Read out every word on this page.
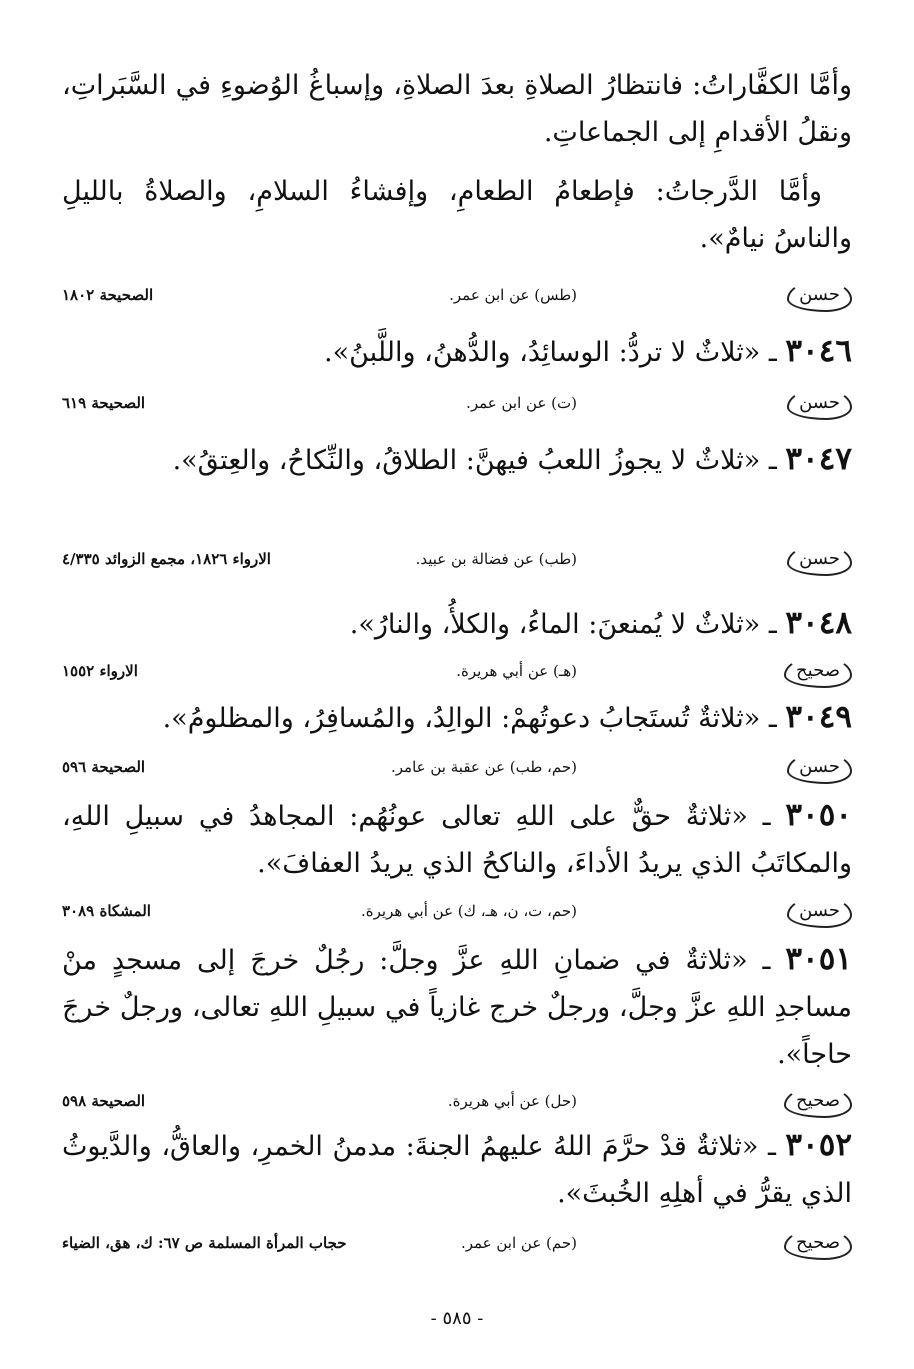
وأمَّا الكفَّاراتُ: فانتظارُ الصلاةِ بعدَ الصلاةِ، وإسباغُ الوُضوءِ في السَّبَراتِ، ونقلُ الأقدامِ إلى الجماعاتِ.
وأمَّا الدَّرجاتُ: فإطعامُ الطعامِ، وإفشاءُ السلامِ، والصلاةُ بالليلِ والناسُ نيامٌ».
حسن
(طس) عن ابن عمر.
الصحيحة ١٨٠٢
٣٠٤٦ ـ «ثلاثٌ لا تردُّ: الوسائِدُ، والدُّهنُ، واللَّبنُ».
حسن
(ت) عن ابن عمر.
الصحيحة ٦١٩
٣٠٤٧ ـ «ثلاثٌ لا يجوزُ اللعبُ فيهنَّ: الطلاقُ، والنِّكاحُ، والعِتقُ».
حسن
(طب) عن فضالة بن عبيد.
الارواء ١٨٢٦، مجمع الزوائد ٤/٣٣٥
٣٠٤٨ ـ «ثلاثٌ لا يُمنعنَ: الماءُ، والكلأُ، والنارُ».
صحيح
(هـ) عن أبي هريرة.
الارواء ١٥٥٢
٣٠٤٩ ـ «ثلاثةٌ تُستَجابُ دعوتُهمْ: الوالِدُ، والمُسافِرُ، والمظلومُ».
حسن
(حم، طب) عن عقبة بن عامر.
الصحيحة ٥٩٦
٣٠٥٠ ـ «ثلاثةٌ حقٌّ على اللهِ تعالى عونُهُم: المجاهدُ في سبيلِ اللهِ، والمكاتَبُ الذي يريدُ الأداءَ، والناكحُ الذي يريدُ العفافَ».
حسن
(حم، ت، ن، هـ، ك) عن أبي هريرة.
المشكاة ٣٠٨٩
٣٠٥١ ـ «ثلاثةٌ في ضمانِ اللهِ عزَّ وجلَّ: رجُلٌ خرجَ إلى مسجدٍ منْ مساجدِ اللهِ عزَّ وجلَّ، ورجلٌ خرج غازياً في سبيلِ اللهِ تعالى، ورجلٌ خرجَ حاجاً».
صحيح
(حل) عن أبي هريرة.
الصحيحة ٥٩٨
٣٠٥٢ ـ «ثلاثةٌ قدْ حرَّمَ اللهُ عليهمُ الجنةَ: مدمنُ الخمرِ، والعاقُّ، والدَّيوثُ الذي يقرُّ في أهلِهِ الخُبثَ».
صحيح
(حم) عن ابن عمر.
حجاب المرأة المسلمة ص ٦٧: ك، هق، الضياء
- ٥٨٥ -
